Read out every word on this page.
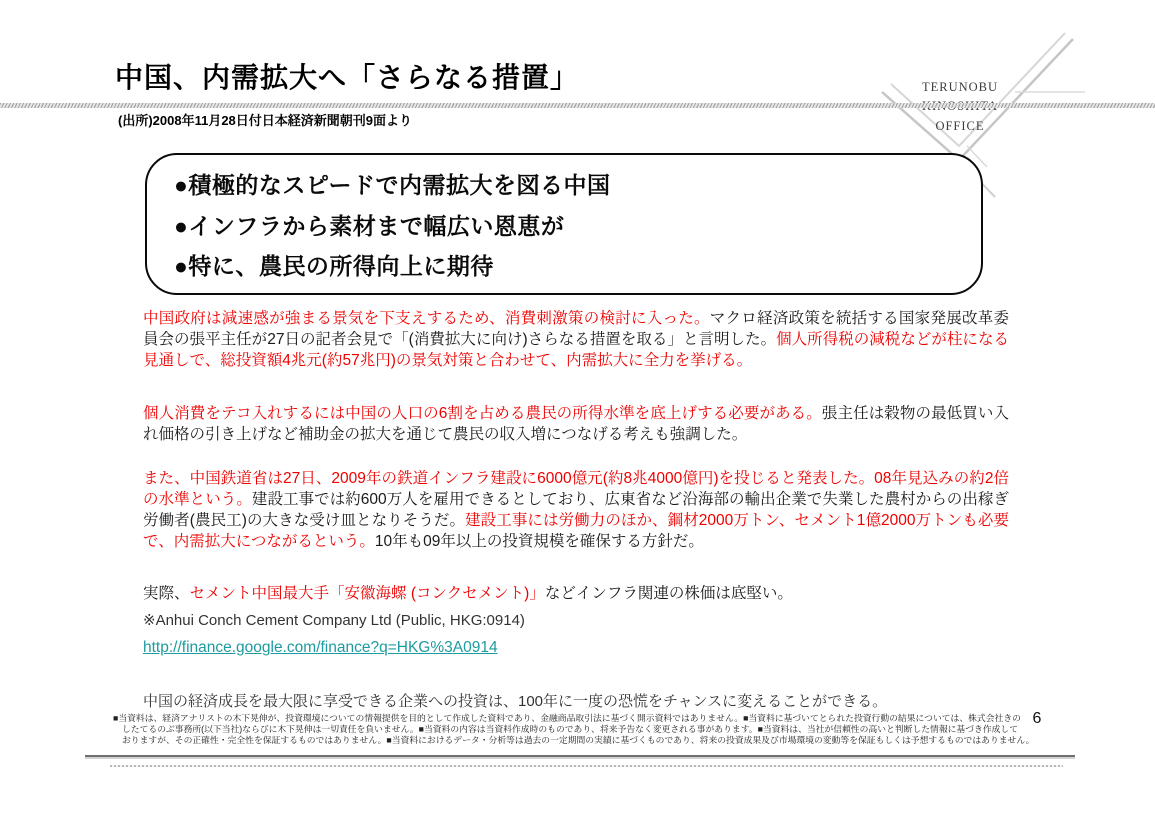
TERUNOBU
OFFICE
中国、内需拡大へ「さらなる措置」
(出所)2008年11月28日付日本経済新聞朝刊9面より
●積極的なスピードで内需拡大を図る中国
●インフラから素材まで幅広い恩恵が
●特に、農民の所得向上に期待
中国政府は減速感が強まる景気を下支えするため、消費刺激策の検討に入った。マクロ経済政策を統括する国家発展改革委員会の張平主任が27日の記者会見で「(消費拡大に向け)さらなる措置を取る」と言明した。個人所得税の減税などが柱になる見通しで、総投資額4兆元(約57兆円)の景気対策と合わせて、内需拡大に全力を挙げる。
個人消費をテコ入れするには中国の人口の6割を占める農民の所得水準を底上げする必要がある。張主任は穀物の最低買い入れ価格の引き上げなど補助金の拡大を通じて農民の収入増につなげる考えも強調した。
また、中国鉄道省は27日、2009年の鉄道インフラ建設に6000億元(約8兆4000億円)を投じると発表した。08年見込みの約2倍の水準という。建設工事では約600万人を雇用できるとしており、広東省など沿海部の輸出企業で失業した農村からの出稼ぎ労働者(農民工)の大きな受け皿となりそうだ。建設工事には労働力のほか、鋼材2000万トン、セメント1億2000万トンも必要で、内需拡大につながるという。10年も09年以上の投資規模を確保する方針だ。
実際、セメント中国最大手「安徽海螺 (コンクセメント)」などインフラ関連の株価は底堅い。
※Anhui Conch Cement Company Ltd (Public, HKG:0914)
http://finance.google.com/finance?q=HKG%3A0914
中国の経済成長を最大限に享受できる企業への投資は、100年に一度の恐慌をチャンスに変えることができる。
■当資料は、経済アナリストの木下晃伸が、投資環境についての情報提供を目的として作成した資料であり、金融商品取引法に基づく開示資料ではありません。■当資料に基づいてとられた投資行動の結果については、株式会社きの
したてるのぶ事務所(以下当社)ならびに木下晃伸は一切責任を負いません。■当資料の内容は当資料作成時のものであり、将来予告なく変更される事があります。■当資料は、当社が信頼性の高いと判断した情報に基づき作成して
おりますが、その正確性・完全性を保証するものではありません。■当資料におけるデータ・分析等は過去の一定期間の実績に基づくものであり、将来の投資成果及び市場環境の変動等を保証もしくは予想するものではありません。
6
